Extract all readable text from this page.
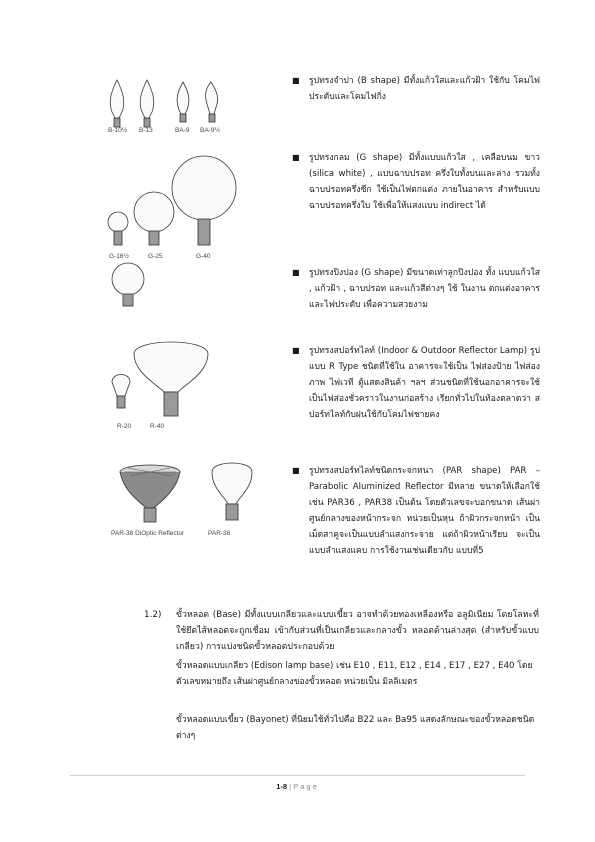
B-10½ B-13	BA-9 BA-9½
G-16½	G-25	G-40
R-20	R-40
PAR-38 DiOptic Reflector	PAR-38
■	รูปทรงจำปา (B shape) มีทั้งแก้วใสและแก้วฝ้า ใช้กับ โคมไฟประดับและโคมไฟกิ่ง
■	รูปทรงกลม (G shape) มีทั้งแบบแก้วใส , เคลือบนม ขาว (silica white) , แบบฉาบปรอท ครึ่งใบทั้งบนและล่าง รวมทั้งฉาบปรอทครึ่งซีก ใช้เป็นไฟตกแต่ง ภายในอาคาร สำหรับแบบ ฉาบปรอทครึ่งใบ ใช้เพื่อให้แสงแบบ indirect ได้
■	รูปทรงปิงปอง (G shape) มีขนาดเท่าลูกปิงปอง ทั้ง แบบแก้วใส , แก้วฝ้า , ฉาบปรอท และแก้วสีต่างๆ ใช้ ในงาน ตกแต่งอาคาร และไฟประดับ เพื่อความสวยงาม
■	รูปทรงสปอร์ทไลท์ (Indoor & Outdoor Reflector Lamp) รูปแบบ R Type ชนิดที่ใช้ใน อาคารจะใช้เป็น ไฟส่องป้าย ไฟส่องภาพ ไฟเวที ตู้แสดงสินค้า ฯลฯ ส่วนชนิดที่ใช้นอกอาคารจะใช้เป็นไฟส่องชั่วคราวในงานก่อสร้าง เรียกทั่วไปในท้องตลาดว่า สปอร์ทไลท์กับฝนใช้กับโคมไฟชายคง
■	รูปทรงสปอร์ทไลท์ชนิดกระจกหนา (PAR shape) PAR – Parabolic Aluminized Reflector มีหลาย ขนาดให้เลือกใช้ เช่น PAR36 , PAR38 เป็นต้น โดยตัวเลขจะบอกขนาด เส้นผ่าศูนย์กลางของหน้ากระจก หน่วยเป็นหุน ถ้าผิวกระจกหน้า เป็นเม็ดสาคูจะเป็นแบบลำแสงกระจาย แต่ถ้าผิวหน้าเรียบ จะเป็นแบบลำแสงแคบ การใช้งานเช่นเดียวกับ แบบที่5
1.2) ขั้วหลอด (Base) มีทั้งแบบเกลียวและแบบเขี้ยว อาจทำด้วยทองเหลืองหรือ อลูมิเนียม โดยโลหะที่ใช้ยึดไส้หลอดจะถูกเชื่อม เข้ากับส่วนที่เป็นเกลียวและกลางขั้ว หลอดด้านล่างสุด (สำหรับขั้วแบบเกลียว) การแบ่งชนิดขั้วหลอดประกอบด้วย
ขั้วหลอดแบบเกลียว (Edison lamp base) เช่น E10 , E11, E12 , E14 , E17 , E27 , E40 โดยตัวเลขหมายถึง เส้นผ่าศูนย์กลางของขั้วหลอด หน่วยเป็น มิลลิเมตร
ขั้วหลอดแบบเขี้ยว (Bayonet) ที่นิยมใช้ทั่วไปคือ B22 และ Ba95 แสดงลักษณะของขั้วหลอดชนิดต่างๆ
1-8 | Page
